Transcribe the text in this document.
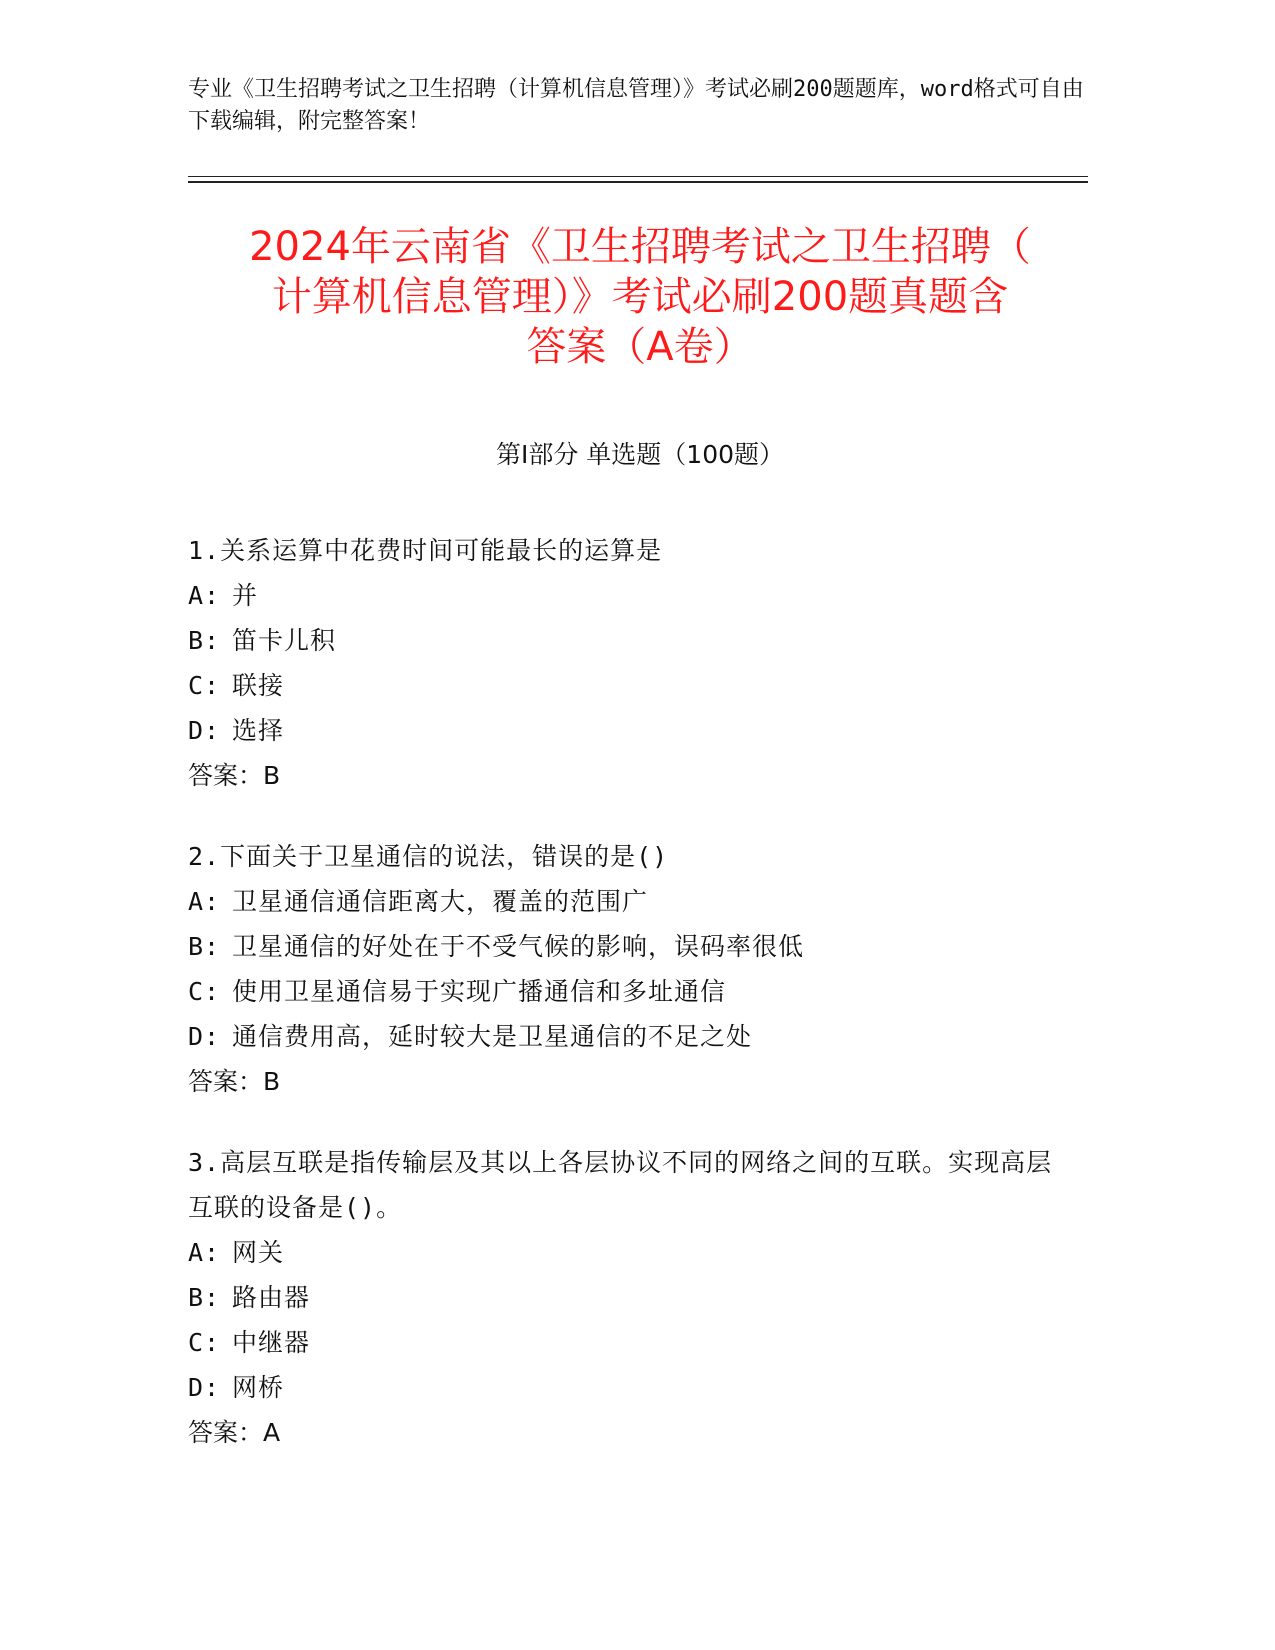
专业《卫生招聘考试之卫生招聘（计算机信息管理）》考试必刷200题题库，word格式可自由下载编辑，附完整答案！
2024年云南省《卫生招聘考试之卫生招聘（
计算机信息管理）》考试必刷200题真题含
答案（A卷）
第Ⅰ部分 单选题（100题）
1.关系运算中花费时间可能最长的运算是
A: 并
B: 笛卡儿积
C: 联接
D: 选择
答案：B
2.下面关于卫星通信的说法，错误的是()
A: 卫星通信通信距离大，覆盖的范围广
B: 卫星通信的好处在于不受气候的影响，误码率很低
C: 使用卫星通信易于实现广播通信和多址通信
D: 通信费用高，延时较大是卫星通信的不足之处
答案：B
3.高层互联是指传输层及其以上各层协议不同的网络之间的互联。实现高层互联的设备是()。
A: 网关
B: 路由器
C: 中继器
D: 网桥
答案：A
